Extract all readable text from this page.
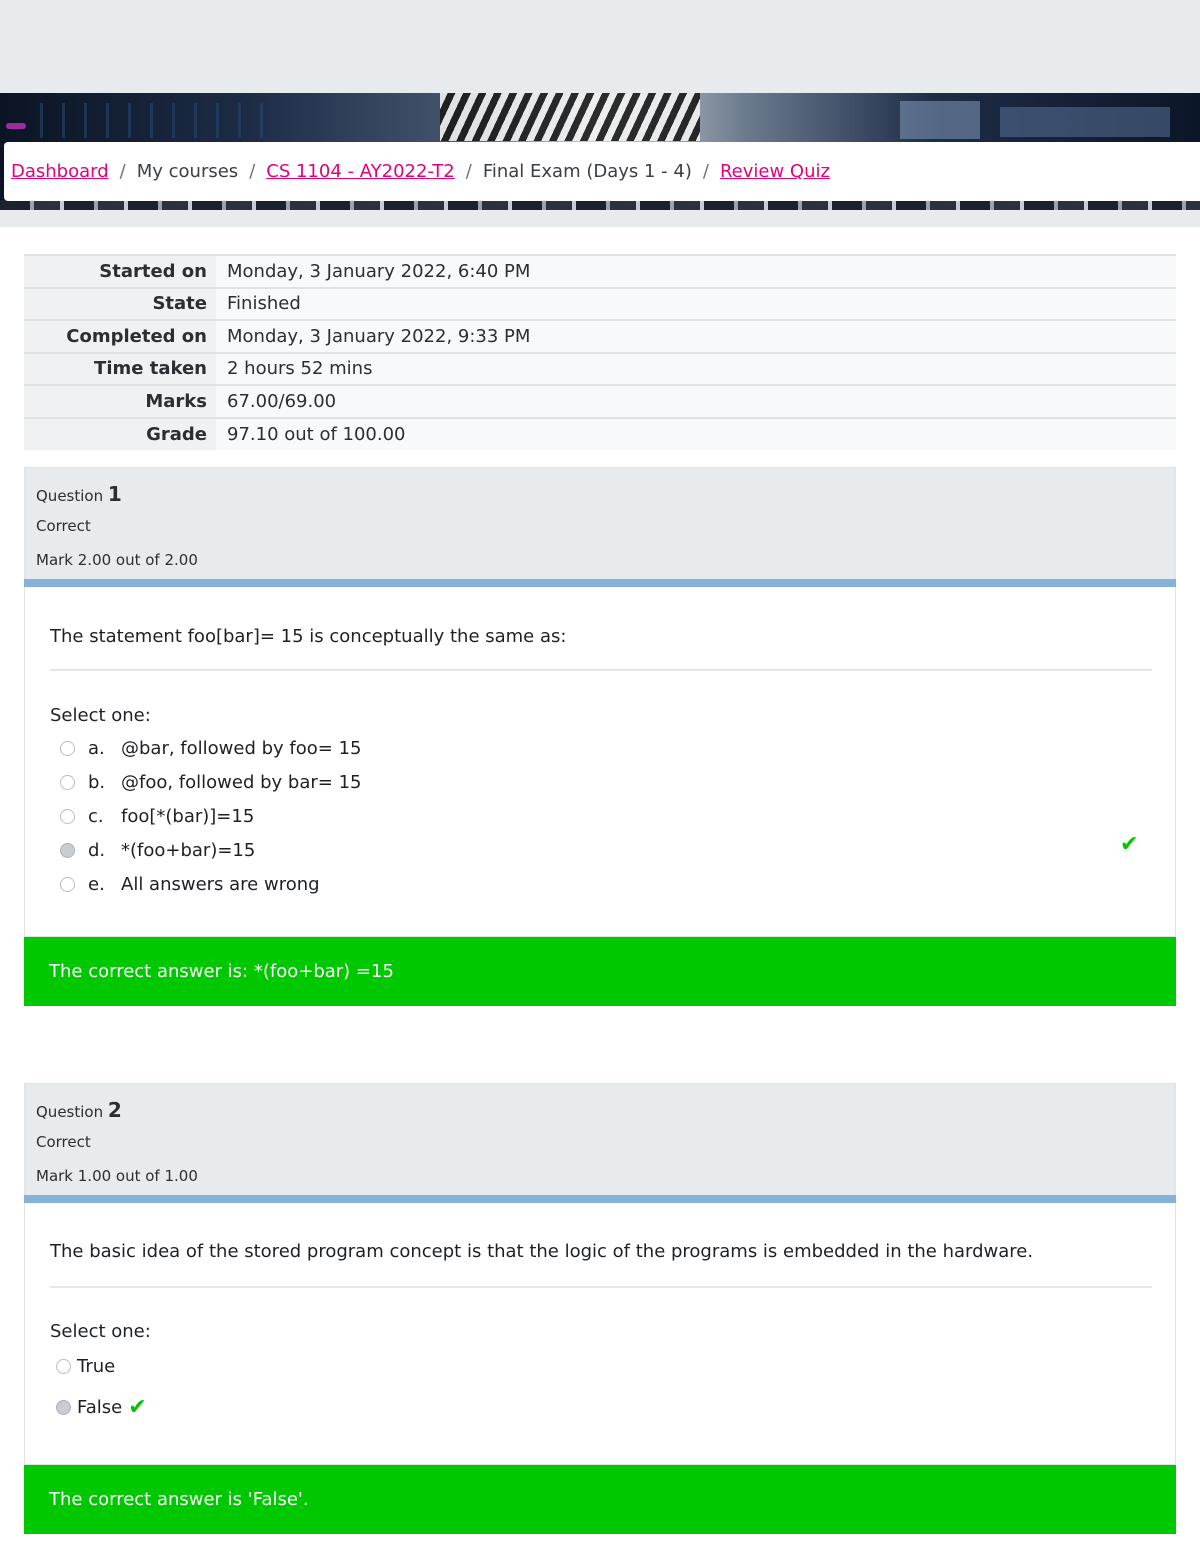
Dashboard / My courses / CS 1104 - AY2022-T2 / Final Exam (Days 1 - 4) / Review Quiz
Started on	Monday, 3 January 2022, 6:40 PM
State	Finished
Completed on	Monday, 3 January 2022, 9:33 PM
Time taken	2 hours 52 mins
Marks	67.00/69.00
Grade	97.10 out of 100.00
Question 1
Correct
Mark 2.00 out of 2.00
The statement foo[bar]= 15 is conceptually the same as:
Select one:
a. @bar, followed by foo= 15
b. @foo, followed by bar= 15
c. foo[*(bar)]=15
d. *(foo+bar)=15
e. All answers are wrong
✔
The correct answer is: *(foo+bar) =15
Question 2
Correct
Mark 1.00 out of 1.00
The basic idea of the stored program concept is that the logic of the programs is embedded in the hardware.
Select one:
True
False ✔
The correct answer is 'False'.
